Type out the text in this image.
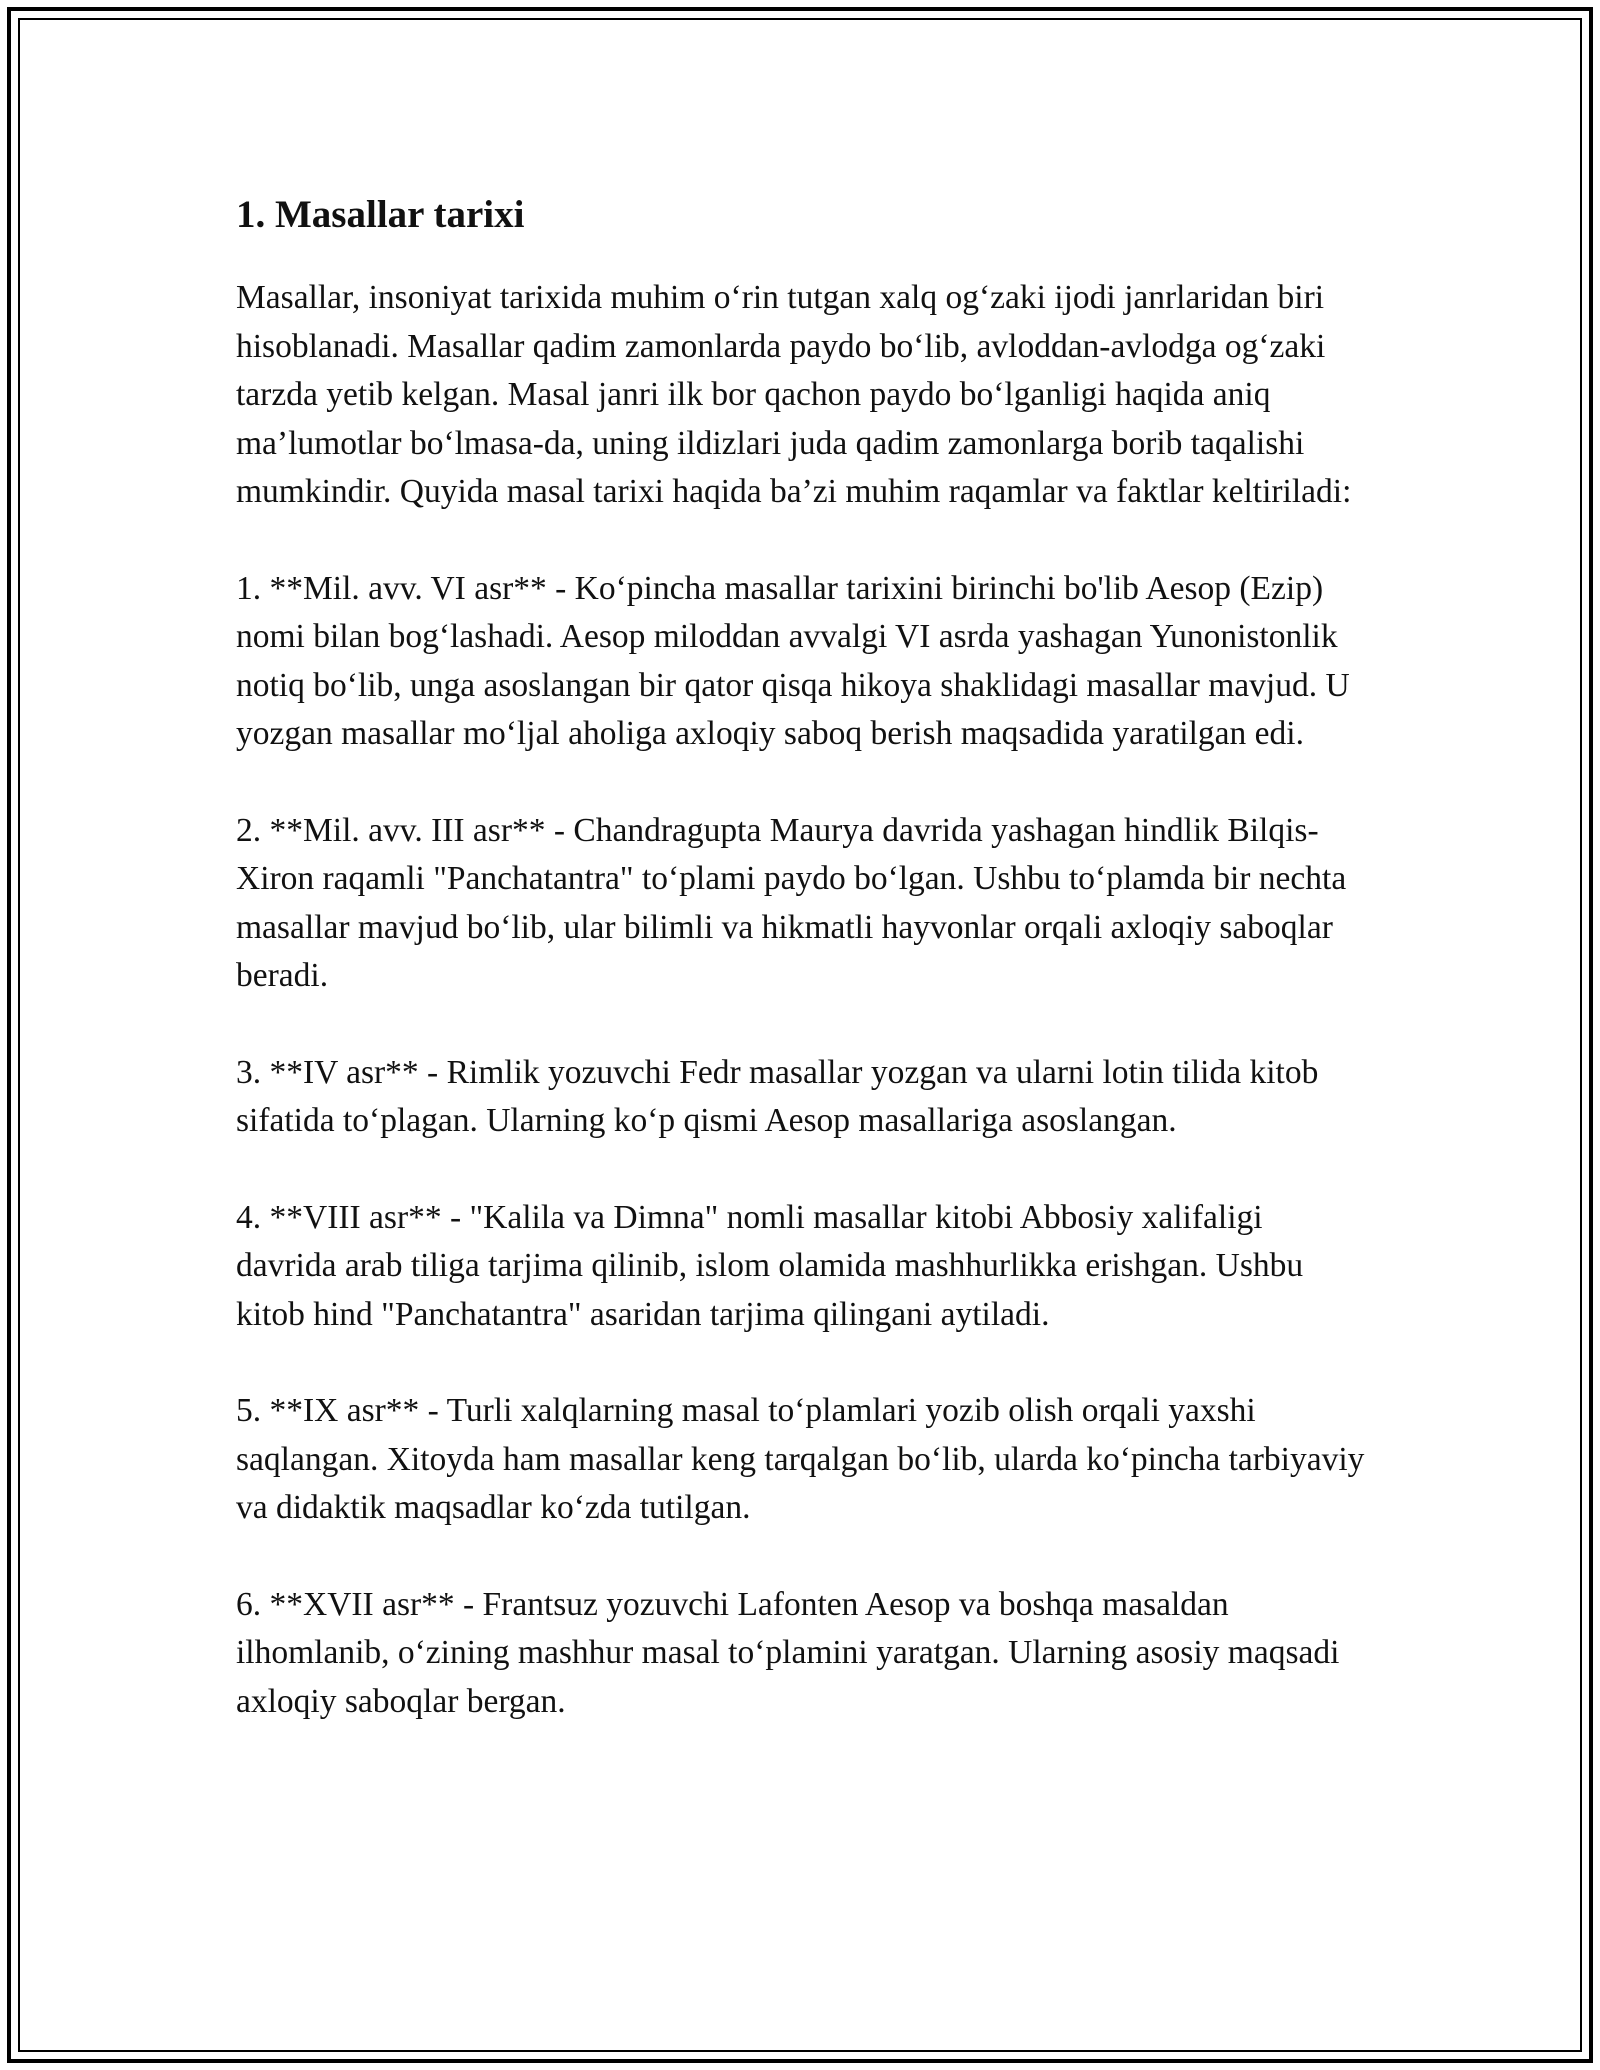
1. Masallar tarixi

Masallar, insoniyat tarixida muhim o‘rin tutgan xalq og‘zaki ijodi janrlaridan biri hisoblanadi. Masallar qadim zamonlarda paydo bo‘lib, avloddan-avlodga og‘zaki tarzda yetib kelgan. Masal janri ilk bor qachon paydo bo‘lganligi haqida aniq ma’lumotlar bo‘lmasa-da, uning ildizlari juda qadim zamonlarga borib taqalishi mumkindir. Quyida masal tarixi haqida ba’zi muhim raqamlar va faktlar keltiriladi:

1. **Mil. avv. VI asr** - Ko‘pincha masallar tarixini birinchi bo'lib Aesop (Ezip) nomi bilan bog‘lashadi. Aesop miloddan avvalgi VI asrda yashagan Yunonistonlik notiq bo‘lib, unga asoslangan bir qator qisqa hikoya shaklidagi masallar mavjud. U yozgan masallar mo‘ljal aholiga axloqiy saboq berish maqsadida yaratilgan edi.
2. **Mil. avv. III asr** - Chandragupta Maurya davrida yashagan hindlik Bilqis-Xiron raqamli "Panchatantra" to‘plami paydo bo‘lgan. Ushbu to‘plamda bir nechta masallar mavjud bo‘lib, ular bilimli va hikmatli hayvonlar orqali axloqiy saboqlar beradi.
3. **IV asr** - Rimlik yozuvchi Fedr masallar yozgan va ularni lotin tilida kitob sifatida to‘plagan. Ularning ko‘p qismi Aesop masallariga asoslangan.
4. **VIII asr** - "Kalila va Dimna" nomli masallar kitobi Abbosiy xalifaligi davrida arab tiliga tarjima qilinib, islom olamida mashhurlikka erishgan. Ushbu kitob hind "Panchatantra" asaridan tarjima qilingani aytiladi.
5. **IX asr** - Turli xalqlarning masal to‘plamlari yozib olish orqali yaxshi saqlangan. Xitoyda ham masallar keng tarqalgan bo‘lib, ularda ko‘pincha tarbiyaviy va didaktik maqsadlar ko‘zda tutilgan.
6. **XVII asr** - Frantsuz yozuvchi Lafonten Aesop va boshqa masaldan ilhomlanib, o‘zining mashhur masal to‘plamini yaratgan. Ularning asosiy maqsadi axloqiy saboqlar bergan.
